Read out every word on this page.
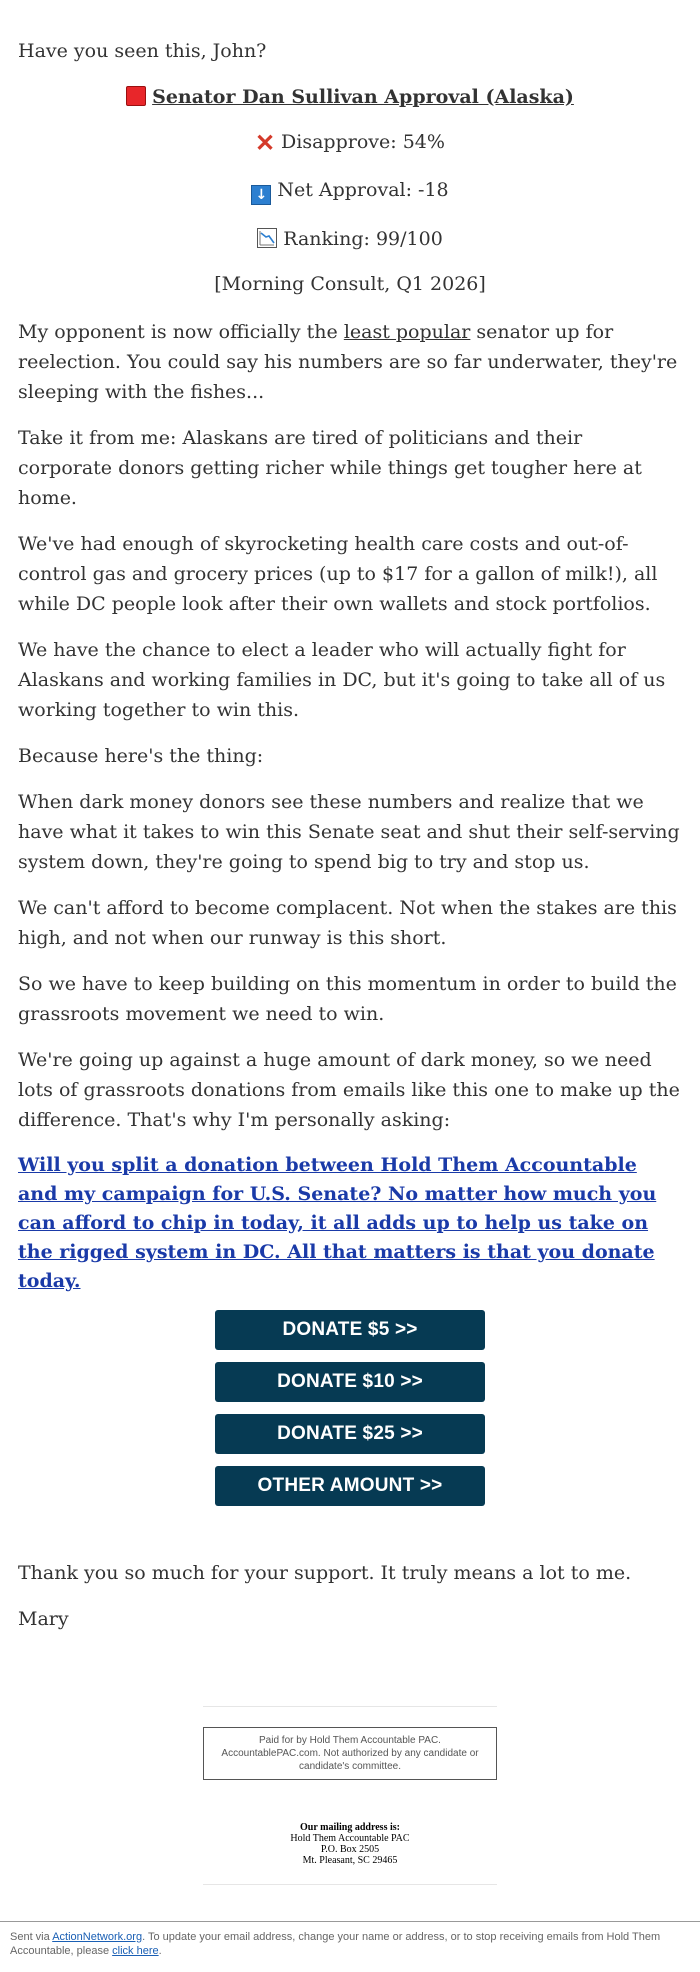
Have you seen this, John?

Senator Dan Sullivan Approval (Alaska)

✕ Disapprove: 54%

↓ Net Approval: -18

Ranking: 99/100

[Morning Consult, Q1 2026]

My opponent is now officially the least popular senator up for reelection. You could say his numbers are so far underwater, they're sleeping with the fishes...

Take it from me: Alaskans are tired of politicians and their corporate donors getting richer while things get tougher here at home.

We've had enough of skyrocketing health care costs and out-of-control gas and grocery prices (up to $17 for a gallon of milk!), all while DC people look after their own wallets and stock portfolios.

We have the chance to elect a leader who will actually fight for Alaskans and working families in DC, but it's going to take all of us working together to win this.

Because here's the thing:

When dark money donors see these numbers and realize that we have what it takes to win this Senate seat and shut their self-serving system down, they're going to spend big to try and stop us.

We can't afford to become complacent. Not when the stakes are this high, and not when our runway is this short.

So we have to keep building on this momentum in order to build the grassroots movement we need to win.

We're going up against a huge amount of dark money, so we need lots of grassroots donations from emails like this one to make up the difference. That's why I'm personally asking:

Will you split a donation between Hold Them Accountable and my campaign for U.S. Senate? No matter how much you can afford to chip in today, it all adds up to help us take on the rigged system in DC. All that matters is that you donate today.
DONATE $5 >>
DONATE $10 >>
DONATE $25 >>
OTHER AMOUNT >>

Thank you so much for your support. It truly means a lot to me.

Mary

Paid for by Hold Them Accountable PAC. AccountablePAC.com. Not authorized by any candidate or candidate's committee.
Our mailing address is:
Hold Them Accountable PAC
P.O. Box 2505
Mt. Pleasant, SC 29465
Sent via ActionNetwork.org. To update your email address, change your name or address, or to stop receiving emails from Hold Them Accountable, please click here.
